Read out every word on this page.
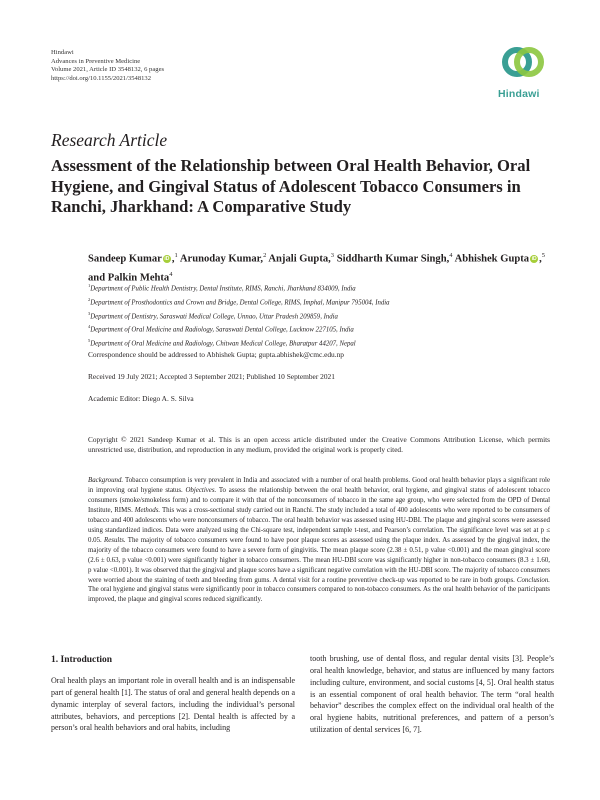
Hindawi
Advances in Preventive Medicine
Volume 2021, Article ID 3548132, 6 pages
https://doi.org/10.1155/2021/3548132
Hindawi
Research Article
Assessment of the Relationship between Oral Health Behavior, Oral Hygiene, and Gingival Status of Adolescent Tobacco Consumers in Ranchi, Jharkhand: A Comparative Study
Sandeep Kumar iD ,$^1$ Arunoday Kumar,$^2$ Anjali Gupta,$^3$ Siddharth Kumar Singh,$^4$ Abhishek Gupta iD ,$^5$ and Palkin Mehta$^4$
$^1$Department of Public Health Dentistry, Dental Institute, RIMS, Ranchi, Jharkhand 834009, India
$^2$Department of Prosthodontics and Crown and Bridge, Dental College, RIMS, Imphal, Manipur 795004, India
$^3$Department of Dentistry, Saraswati Medical College, Unnao, Uttar Pradesh 209859, India
$^4$Department of Oral Medicine and Radiology, Saraswati Dental College, Lucknow 227105, India
$^5$Department of Oral Medicine and Radiology, Chitwan Medical College, Bharatpur 44207, Nepal
Correspondence should be addressed to Abhishek Gupta; gupta.abhishek@cmc.edu.np
Received 19 July 2021; Accepted 3 September 2021; Published 10 September 2021
Academic Editor: Diego A. S. Silva
Copyright © 2021 Sandeep Kumar et al. This is an open access article distributed under the Creative Commons Attribution License, which permits unrestricted use, distribution, and reproduction in any medium, provided the original work is properly cited.
Background. Tobacco consumption is very prevalent in India and associated with a number of oral health problems. Good oral health behavior plays a significant role in improving oral hygiene status. Objectives. To assess the relationship between the oral health behavior, oral hygiene, and gingival status of adolescent tobacco consumers (smoke/smokeless form) and to compare it with that of the nonconsumers of tobacco in the same age group, who were selected from the OPD of Dental Institute, RIMS. Methods. This was a cross-sectional study carried out in Ranchi. The study included a total of 400 adolescents who were reported to be consumers of tobacco and 400 adolescents who were nonconsumers of tobacco. The oral health behavior was assessed using HU-DBI. The plaque and gingival scores were assessed using standardized indices. Data were analyzed using the Chi-square test, independent sample t-test, and Pearson’s correlation. The significance level was set at p ≤ 0.05. Results. The majority of tobacco consumers were found to have poor plaque scores as assessed using the plaque index. As assessed by the gingival index, the majority of the tobacco consumers were found to have a severe form of gingivitis. The mean plaque score (2.38 ± 0.51, p value <0.001) and the mean gingival score (2.6 ± 0.63, p value <0.001) were significantly higher in tobacco consumers. The mean HU-DBI score was significantly higher in non-tobacco consumers (8.3 ± 1.60, p value <0.001). It was observed that the gingival and plaque scores have a significant negative correlation with the HU-DBI score. The majority of tobacco consumers were worried about the staining of teeth and bleeding from gums. A dental visit for a routine preventive check-up was reported to be rare in both groups. Conclusion. The oral hygiene and gingival status were significantly poor in tobacco consumers compared to non-tobacco consumers. As the oral health behavior of the participants improved, the plaque and gingival scores reduced significantly.
1. Introduction
Oral health plays an important role in overall health and is an indispensable part of general health [1]. The status of oral and general health depends on a dynamic interplay of several factors, including the individual’s personal attributes, behaviors, and perceptions [2]. Dental health is affected by a person’s oral health behaviors and oral habits, including
tooth brushing, use of dental floss, and regular dental visits [3]. People’s oral health knowledge, behavior, and status are influenced by many factors including culture, environment, and social customs [4, 5]. Oral health status is an essential component of oral health behavior. The term “oral health behavior” describes the complex effect on the individual oral health of the oral hygiene habits, nutritional preferences, and pattern of a person’s utilization of dental services [6, 7].
